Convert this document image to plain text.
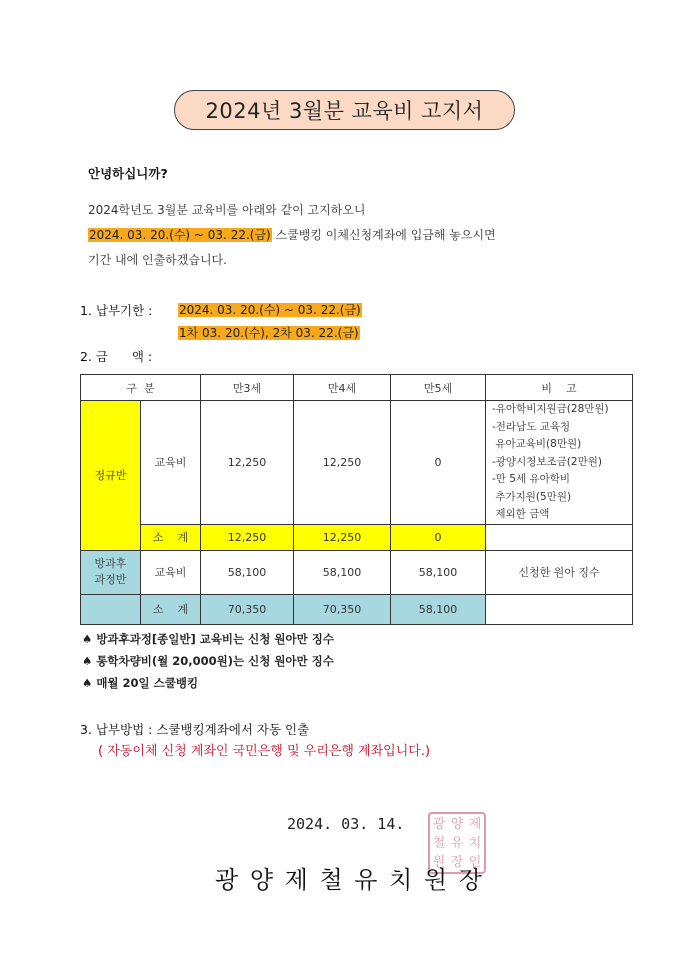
2024년 3월분 교육비 고지서
안녕하십니까?
2024학년도 3월분 교육비를 아래와 같이 고지하오니
2024. 03. 20.(수) ~ 03. 22.(금) 스쿨뱅킹 이체신청계좌에 입금해 놓으시면
기간 내에 인출하겠습니다.
1. 납부기한 : 2024. 03. 20.(수) ~ 03. 22.(금)
1차 03. 20.(수), 2차 03. 22.(금)
2. 금      액 :
구  분		만3세	만4세	만5세	비    고
정규반	교육비	12,250	12,250	0	
-유아학비지원금(28만원)
-전라남도 교육청
유아교육비(8만원)
-광양시청보조금(2만원)
-만 5세 유아학비
추가지원(5만원)
제외한 금액

	소    계	12,250	12,250	0	

방과후
과정반	교육비	58,100	58,100	58,100	신청한 원아 징수
	소    계	70,350	70,350	58,100	
♠ 방과후과정[종일반] 교육비는 신청 원아만 징수
♠ 통학차량비(월 20,000원)는 신청 원아만 징수
♠ 매월 20일 스쿨뱅킹
3. 납부방법 : 스쿨뱅킹계좌에서 자동 인출
( 자동이체 신청 계좌인 국민은행 및 우리은행 계좌입니다.)
2024. 03. 14. 광 양 제
철 유 치
원 장 인
광 양 제 철 유 치 원 장
